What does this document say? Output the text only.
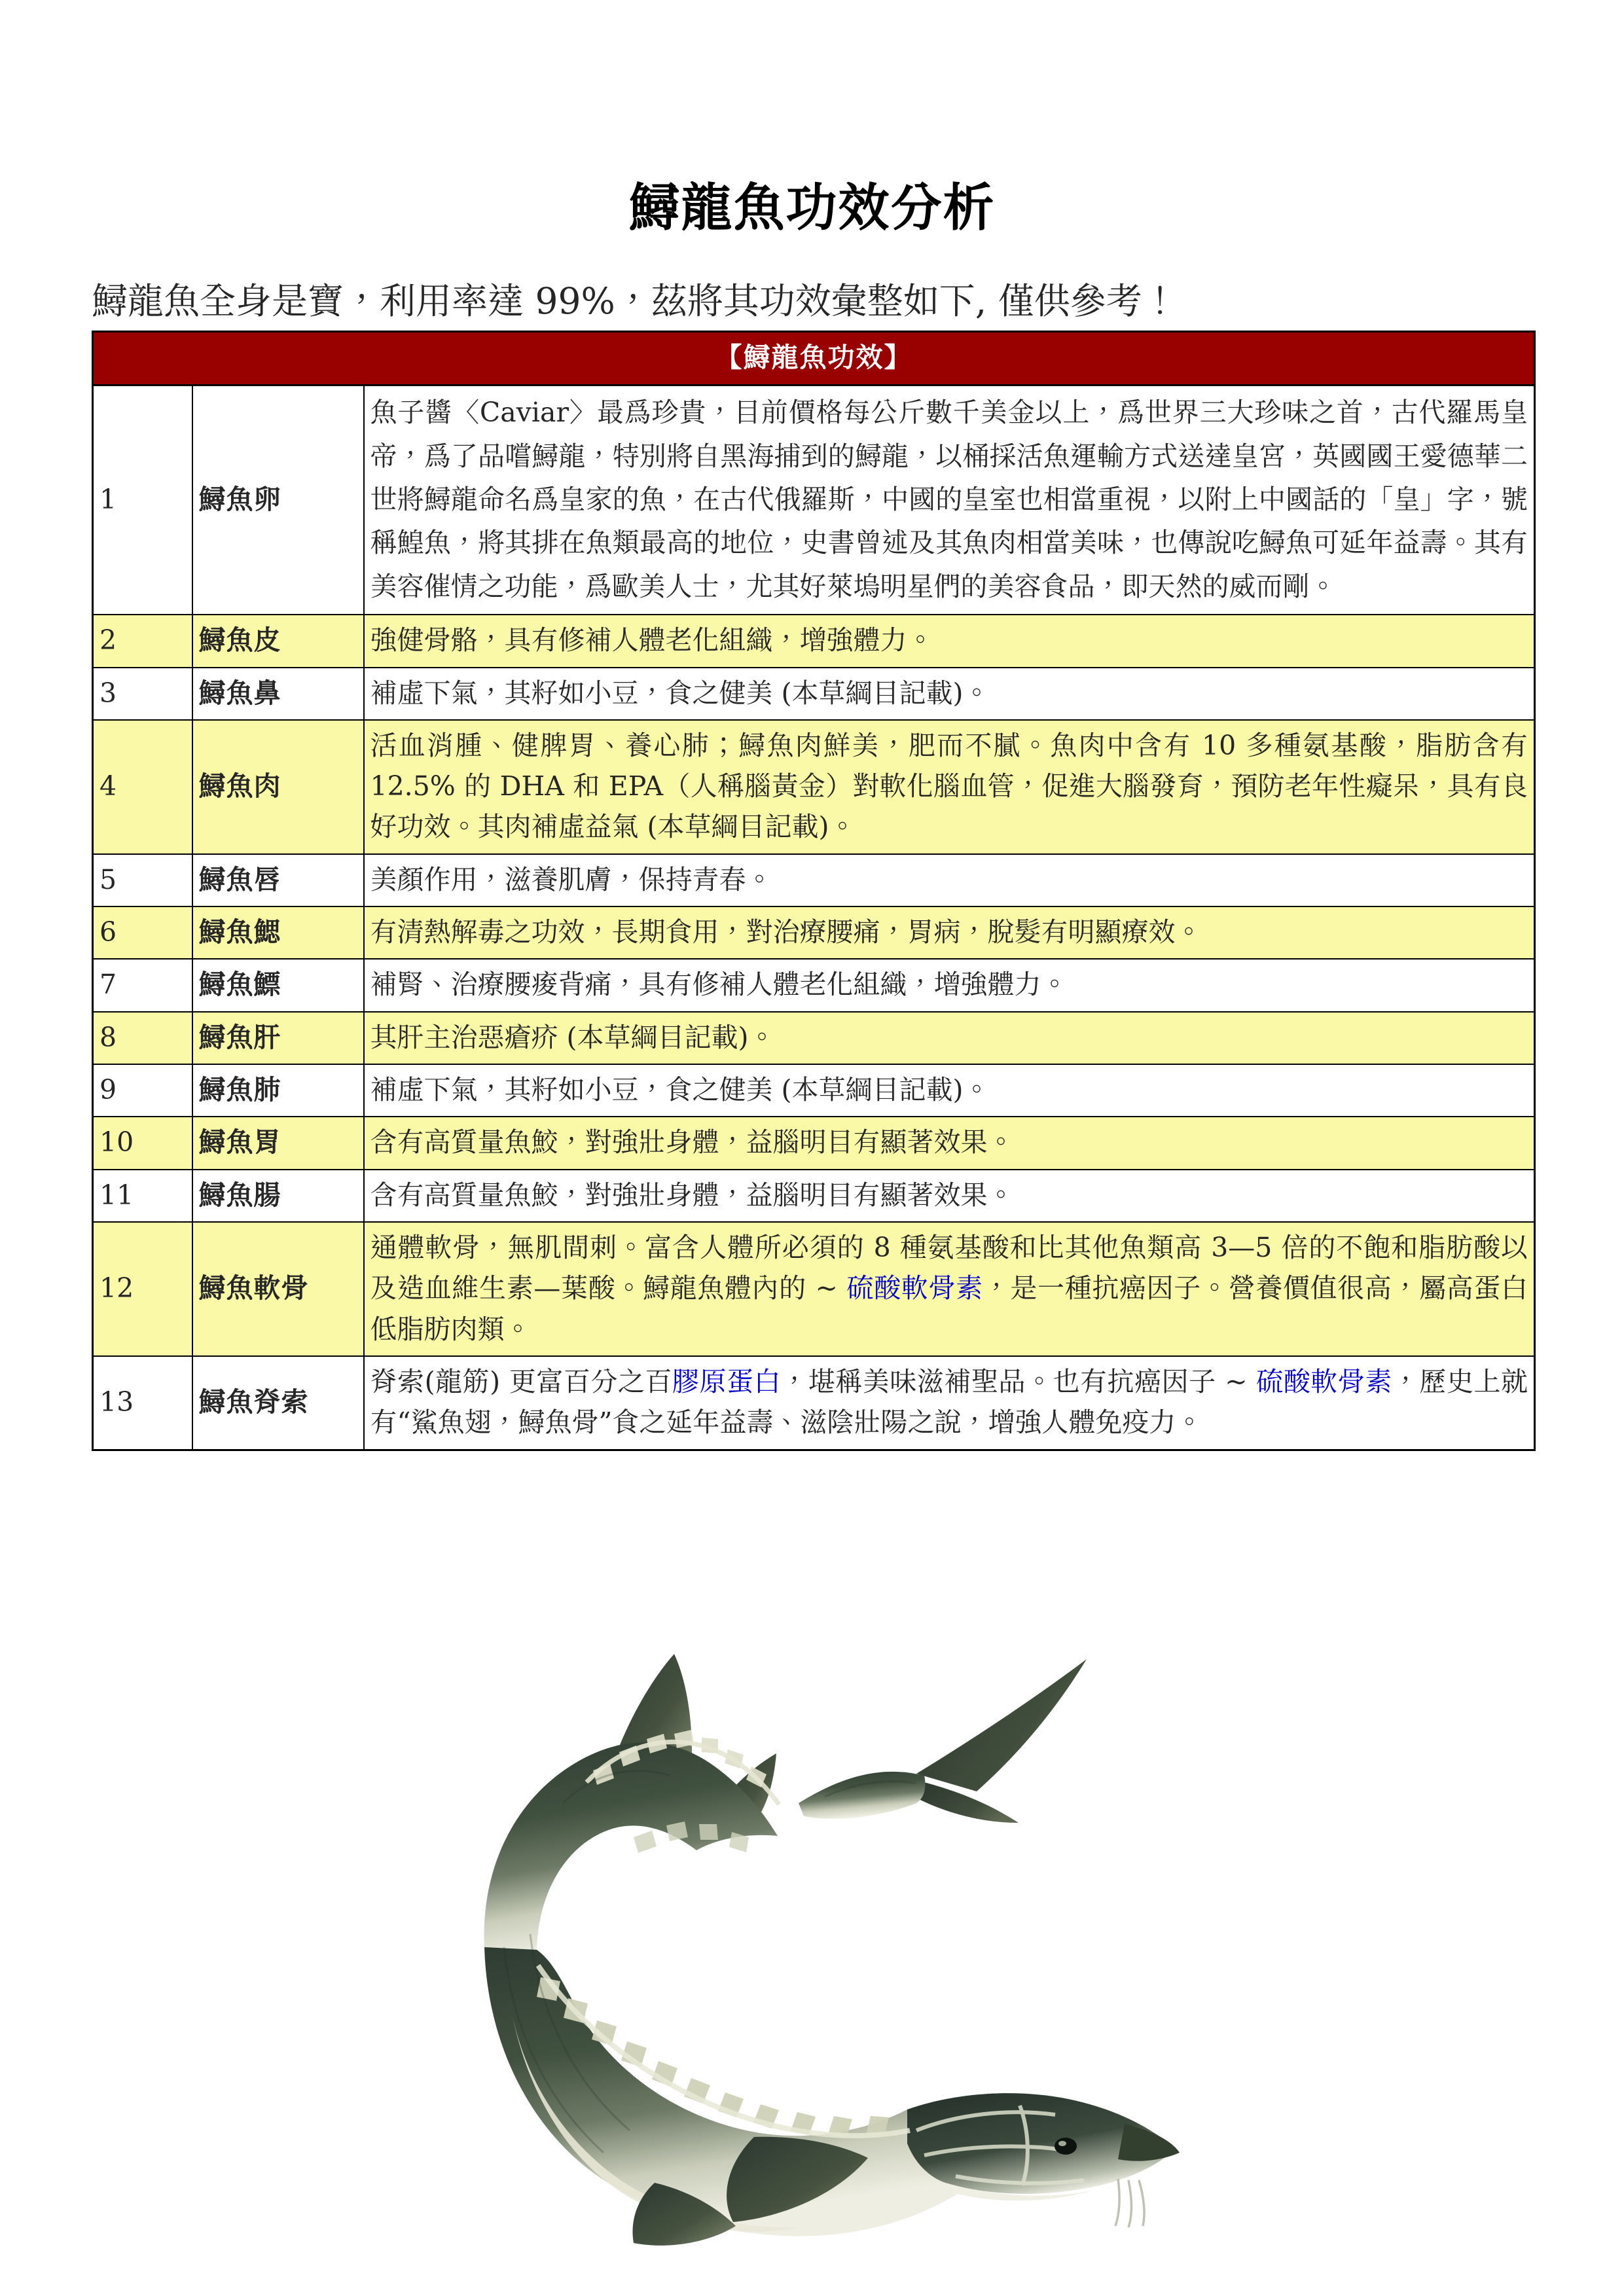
鱘龍魚功效分析

鱘龍魚全身是寶，利用率達 99%，茲將其功效彙整如下, 僅供參考！

【鱘龍魚功效】		
1	鱘魚卵	魚子醬〈Caviar〉最爲珍貴，目前價格每公斤數千美金以上，爲世界三大珍味之首，古代羅馬皇帝，爲了品嚐鱘龍，特別將自黑海捕到的鱘龍，以桶採活魚運輸方式送達皇宮，英國國王愛德華二世將鱘龍命名爲皇家的魚，在古代俄羅斯，中國的皇室也相當重視，以附上中國話的「皇」字，號稱鰉魚，將其排在魚類最高的地位，史書曾述及其魚肉相當美味，也傳說吃鱘魚可延年益壽。其有美容催情之功能，爲歐美人士，尤其好萊塢明星們的美容食品，即天然的威而剛。
2	鱘魚皮	強健骨骼，具有修補人體老化組織，增強體力。
3	鱘魚鼻	補虛下氣，其籽如小豆，食之健美 (本草綱目記載)。
4	鱘魚肉	活血消腫、健脾胃、養心肺；鱘魚肉鮮美，肥而不膩。魚肉中含有 10 多種氨基酸，脂肪含有 12.5% 的 DHA 和 EPA（人稱腦黃金）對軟化腦血管，促進大腦發育，預防老年性癡呆，具有良好功效。其肉補虛益氣 (本草綱目記載)。
5	鱘魚唇	美顏作用，滋養肌膚，保持青春。
6	鱘魚鰓	有清熱解毒之功效，長期食用，對治療腰痛，胃病，脫髮有明顯療效。
7	鱘魚鰾	補腎、治療腰痠背痛，具有修補人體老化組織，增強體力。
8	鱘魚肝	其肝主治惡瘡疥 (本草綱目記載)。
9	鱘魚肺	補虛下氣，其籽如小豆，食之健美 (本草綱目記載)。
10	鱘魚胃	含有高質量魚鮫，對強壯身體，益腦明目有顯著效果。
11	鱘魚腸	含有高質量魚鮫，對強壯身體，益腦明目有顯著效果。
12	鱘魚軟骨	通體軟骨，無肌間刺。富含人體所必須的 8 種氨基酸和比其他魚類高 3—5 倍的不飽和脂肪酸以及造血維生素—葉酸。鱘龍魚體內的 ~ 硫酸軟骨素，是一種抗癌因子。營養價值很高，屬高蛋白低脂肪肉類。
13	鱘魚脊索	脊索(龍筋) 更富百分之百膠原蛋白，堪稱美味滋補聖品。也有抗癌因子 ~ 硫酸軟骨素，歷史上就有“鯊魚翅，鱘魚骨”食之延年益壽、滋陰壯陽之說，增強人體免疫力。
